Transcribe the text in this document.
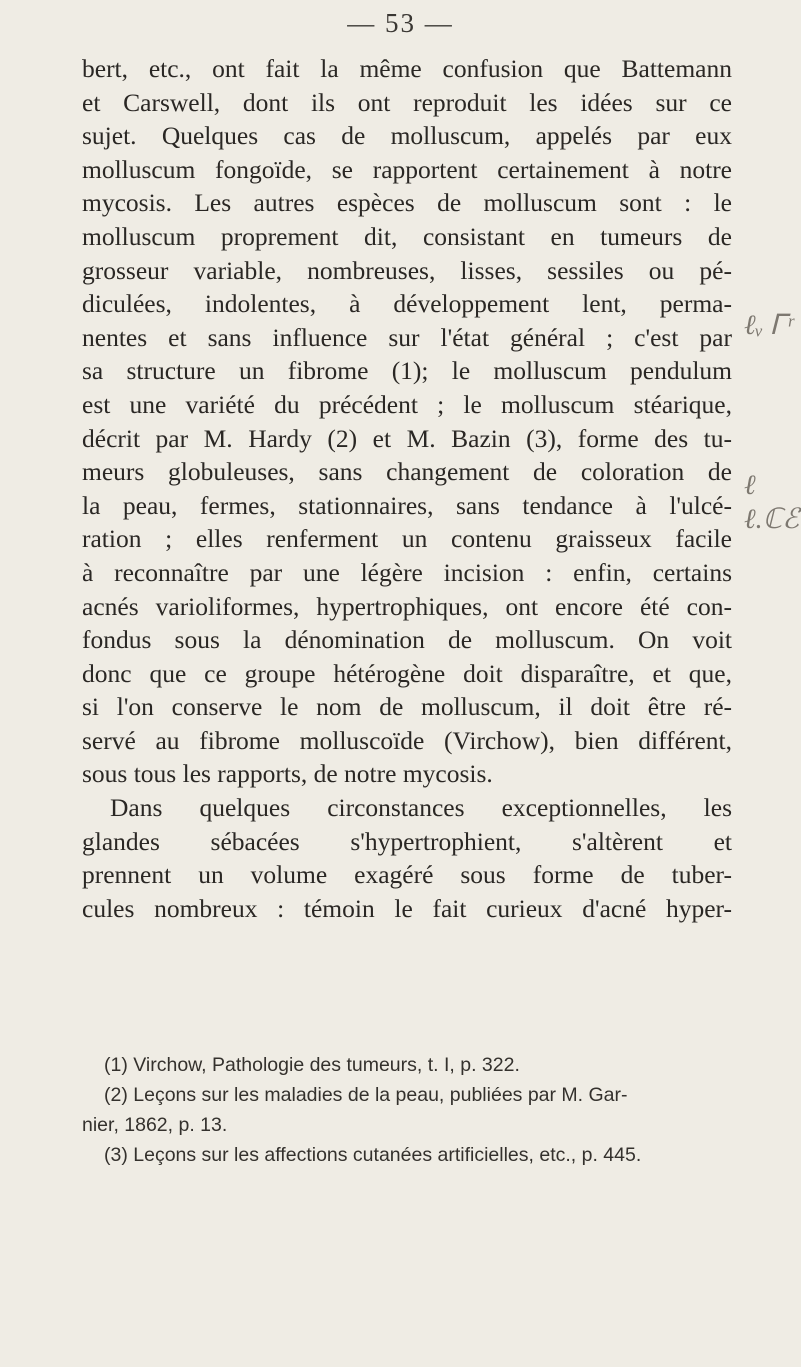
— 53 —
bert, etc., ont fait la même confusion que Battemann
et Carswell, dont ils ont reproduit les idées sur ce
sujet. Quelques cas de molluscum, appelés par eux
molluscum fongoïde, se rapportent certainement à notre
mycosis. Les autres espèces de molluscum sont : le
molluscum proprement dit, consistant en tumeurs de
grosseur variable, nombreuses, lisses, sessiles ou pé-
diculées, indolentes, à développement lent, perma-
nentes et sans influence sur l'état général ; c'est par
sa structure un fibrome (1); le molluscum pendulum
est une variété du précédent ; le molluscum stéarique,
décrit par M. Hardy (2) et M. Bazin (3), forme des tu-
meurs globuleuses, sans changement de coloration de
la peau, fermes, stationnaires, sans tendance à l'ulcé-
ration ; elles renferment un contenu graisseux facile
à reconnaître par une légère incision : enfin, certains
acnés varioliformes, hypertrophiques, ont encore été con-
fondus sous la dénomination de molluscum. On voit
donc que ce groupe hétérogène doit disparaître, et que,
si l'on conserve le nom de molluscum, il doit être ré-
servé au fibrome molluscoïde (Virchow), bien différent,
sous tous les rapports, de notre mycosis.
Dans quelques circonstances exceptionnelles, les
glandes sébacées s'hypertrophient, s'altèrent et
prennent un volume exagéré sous forme de tuber-
cules nombreux : témoin le fait curieux d'acné hyper-
(1) Virchow, Pathologie des tumeurs, t. I, p. 322.
(2) Leçons sur les maladies de la peau, publiées par M. Gar-
nier, 1862, p. 13.
(3) Leçons sur les affections cutanées artificielles, etc., p. 445.
ℓᵥ Ꮁʳ
ℓ ℓ.ℂℰ
